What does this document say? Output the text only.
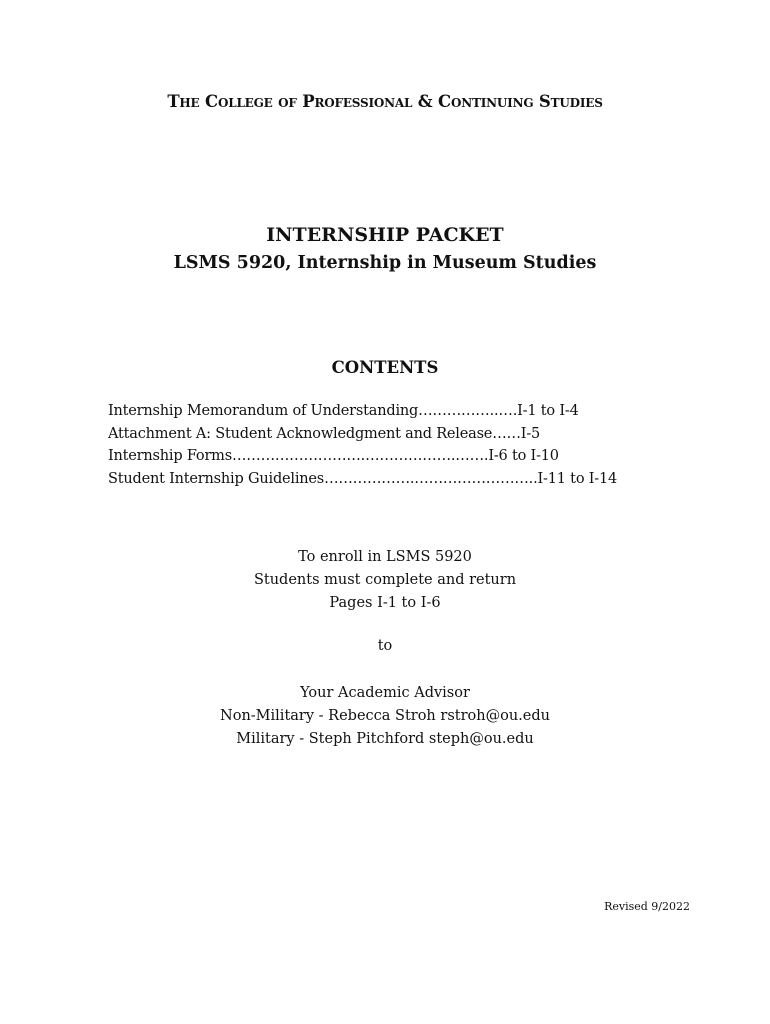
The College of Professional & Continuing Studies
INTERNSHIP PACKET
LSMS 5920, Internship in Museum Studies
CONTENTS
Internship Memorandum of Understanding……………..….I-1 to I-4
Attachment A: Student Acknowledgment and Release……I-5
Internship Forms……………………….……………….…….I-6 to I-10
Student Internship Guidelines……………….……………………..I-11 to I-14
To enroll in LSMS 5920
Students must complete and return
Pages I-1 to I-6
to
Your Academic Advisor
Non-Military - Rebecca Stroh rstroh@ou.edu
Military - Steph Pitchford steph@ou.edu
Revised 9/2022
